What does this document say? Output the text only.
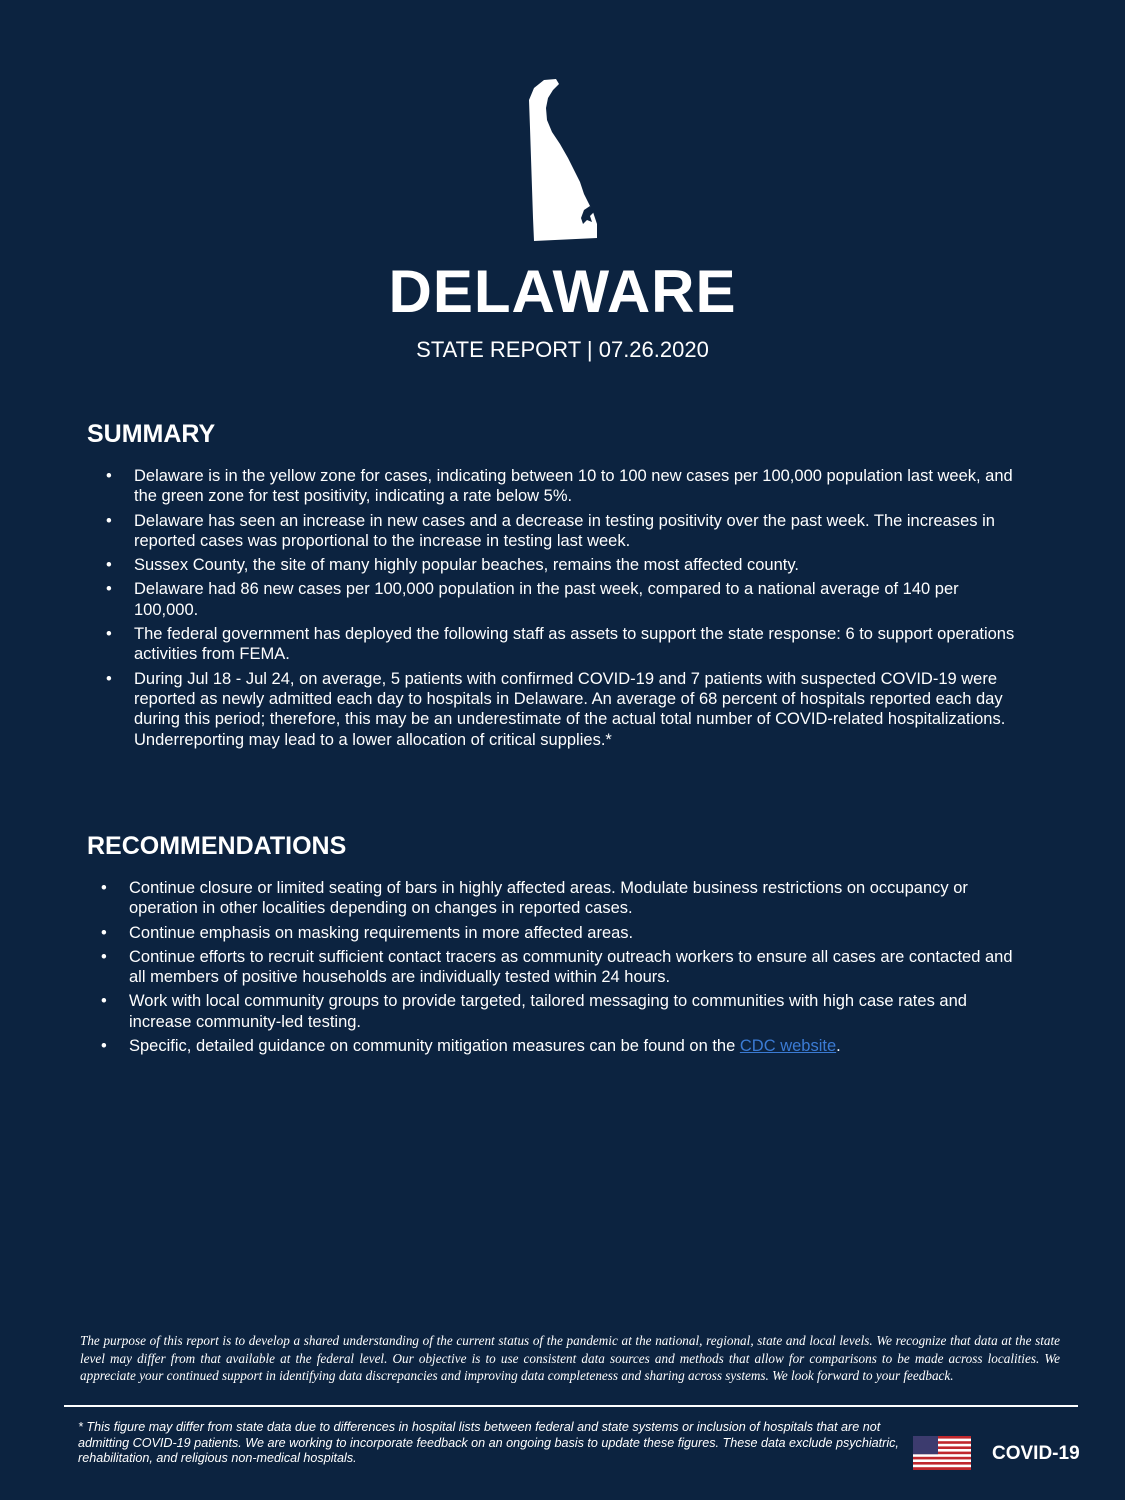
DELAWARE
STATE REPORT | 07.26.2020
SUMMARY
• Delaware is in the yellow zone for cases, indicating between 10 to 100 new cases per 100,000 population last week, and the green zone for test positivity, indicating a rate below 5%.
• Delaware has seen an increase in new cases and a decrease in testing positivity over the past week. The increases in reported cases was proportional to the increase in testing last week.
• Sussex County, the site of many highly popular beaches, remains the most affected county.
• Delaware had 86 new cases per 100,000 population in the past week, compared to a national average of 140 per 100,000.
• The federal government has deployed the following staff as assets to support the state response: 6 to support operations activities from FEMA.
• During Jul 18 - Jul 24, on average, 5 patients with confirmed COVID-19 and 7 patients with suspected COVID-19 were reported as newly admitted each day to hospitals in Delaware. An average of 68 percent of hospitals reported each day during this period; therefore, this may be an underestimate of the actual total number of COVID-related hospitalizations. Underreporting may lead to a lower allocation of critical supplies.*
RECOMMENDATIONS
• Continue closure or limited seating of bars in highly affected areas. Modulate business restrictions on occupancy or operation in other localities depending on changes in reported cases.
• Continue emphasis on masking requirements in more affected areas.
• Continue efforts to recruit sufficient contact tracers as community outreach workers to ensure all cases are contacted and all members of positive households are individually tested within 24 hours.
• Work with local community groups to provide targeted, tailored messaging to communities with high case rates and increase community-led testing.
• Specific, detailed guidance on community mitigation measures can be found on the CDC website.
The purpose of this report is to develop a shared understanding of the current status of the pandemic at the national, regional, state and local levels. We recognize that data at the state level may differ from that available at the federal level. Our objective is to use consistent data sources and methods that allow for comparisons to be made across localities. We appreciate your continued support in identifying data discrepancies and improving data completeness and sharing across systems. We look forward to your feedback.
* This figure may differ from state data due to differences in hospital lists between federal and state systems or inclusion of hospitals that are not admitting COVID-19 patients. We are working to incorporate feedback on an ongoing basis to update these figures. These data exclude psychiatric, rehabilitation, and religious non-medical hospitals.	COVID-19
